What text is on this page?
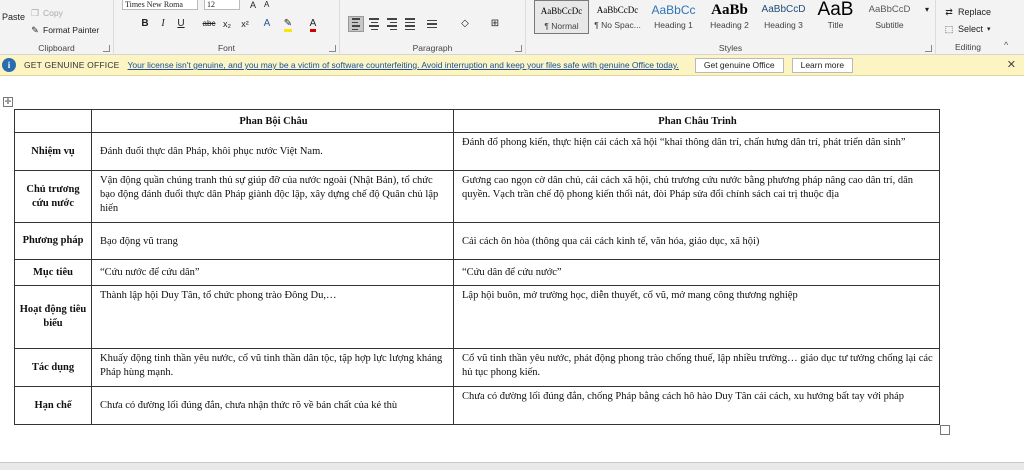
Paste ❐ Copy
✎ Format Painter
Clipboard
Times New Roma	12	A A
B	I	U	abc x₂	x²	A	✎	A
Font
◇	⊞
Paragraph
AaBbCcDc
¶ Normal
AaBbCcDc
¶ No Spac...
AaBbCc
Heading 1
AaBb
Heading 2
AaBbCcD
Heading 3
AaB
Title
AaBbCcD
Subtitle
▾
Styles
⇄ Replace
⬚ Select ▾
Editing	^
i	GET GENUINE OFFICE Your license isn't genuine, and you may be a victim of software counterfeiting. Avoid interruption and keep your files safe with genuine Office today.	Get genuine Office	Learn more	✕
✛
	Phan Bội Châu	Phan Châu Trinh
Nhiệm vụ	Đánh đuổi thực dân Pháp, khôi phục nước Việt Nam.	Đánh đổ phong kiến, thực hiện cải cách xã hội “khai thông dân trí, chấn hưng dân trí, phát triển dân sinh”
Chủ trương cứu nước	Vận động quần chúng tranh thủ sự giúp đỡ của nước ngoài (Nhật Bản), tổ chức bạo động đánh đuổi thực dân Pháp giành độc lập, xây dựng chế độ Quân chủ lập hiến	Gương cao ngọn cờ dân chủ, cải cách xã hội, chủ trương cứu nước bằng phương pháp nâng cao dân trí, dân quyền. Vạch trần chế độ phong kiến thối nát, đòi Pháp sửa đổi chính sách cai trị thuộc địa
Phương pháp	Bạo động vũ trang	Cải cách ôn hòa (thông qua cải cách kinh tế, văn hóa, giáo dục, xã hội)
Mục tiêu	“Cứu nước để cứu dân”	“Cứu dân để cứu nước”
Hoạt động tiêu biểu	Thành lập hội Duy Tân, tổ chức phong trào Đông Du,…	Lập hội buôn, mở trường học, diễn thuyết, cổ vũ, mở mang công thương nghiệp
Tác dụng	Khuấy động tinh thần yêu nước, cổ vũ tinh thần dân tộc, tập hợp lực lượng kháng Pháp hùng mạnh.	Cổ vũ tinh thần yêu nước, phát động phong trào chống thuế, lập nhiều trường… giáo dục tư tưởng chống lại các hủ tục phong kiến.
Hạn chế	Chưa có đường lối đúng đắn, chưa nhận thức rõ về bản chất của kẻ thù	Chưa có đường lối đúng đắn, chống Pháp bằng cách hô hào Duy Tân cải cách, xu hướng bất tay với pháp
